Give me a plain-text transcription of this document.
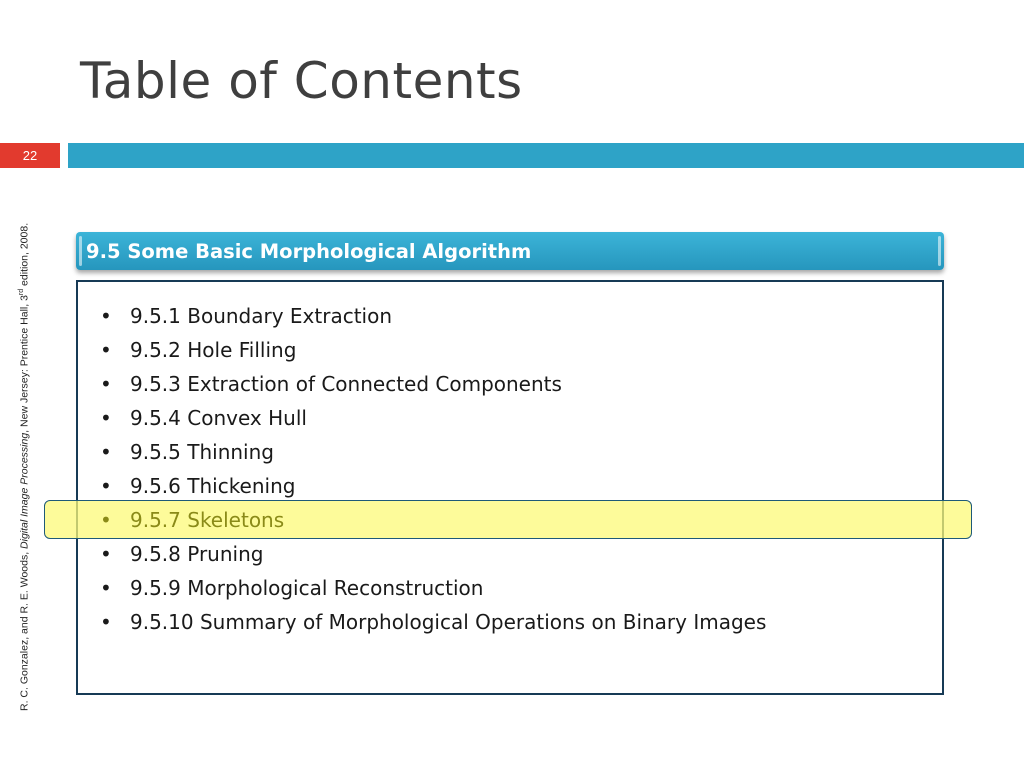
Table of Contents
22
R. C. Gonzalez, and R. E. Woods, Digital Image Processing, New Jersey: Prentice Hall, 3rd edition, 2008.	9.5 Some Basic Morphological Algorithm
• 9.5.1 Boundary Extraction
• 9.5.2 Hole Filling
• 9.5.3 Extraction of Connected Components
• 9.5.4 Convex Hull
• 9.5.5 Thinning
• 9.5.6 Thickening
• 9.5.7 Skeletons
• 9.5.8 Pruning
• 9.5.9 Morphological Reconstruction
• 9.5.10 Summary of Morphological Operations on Binary Images
